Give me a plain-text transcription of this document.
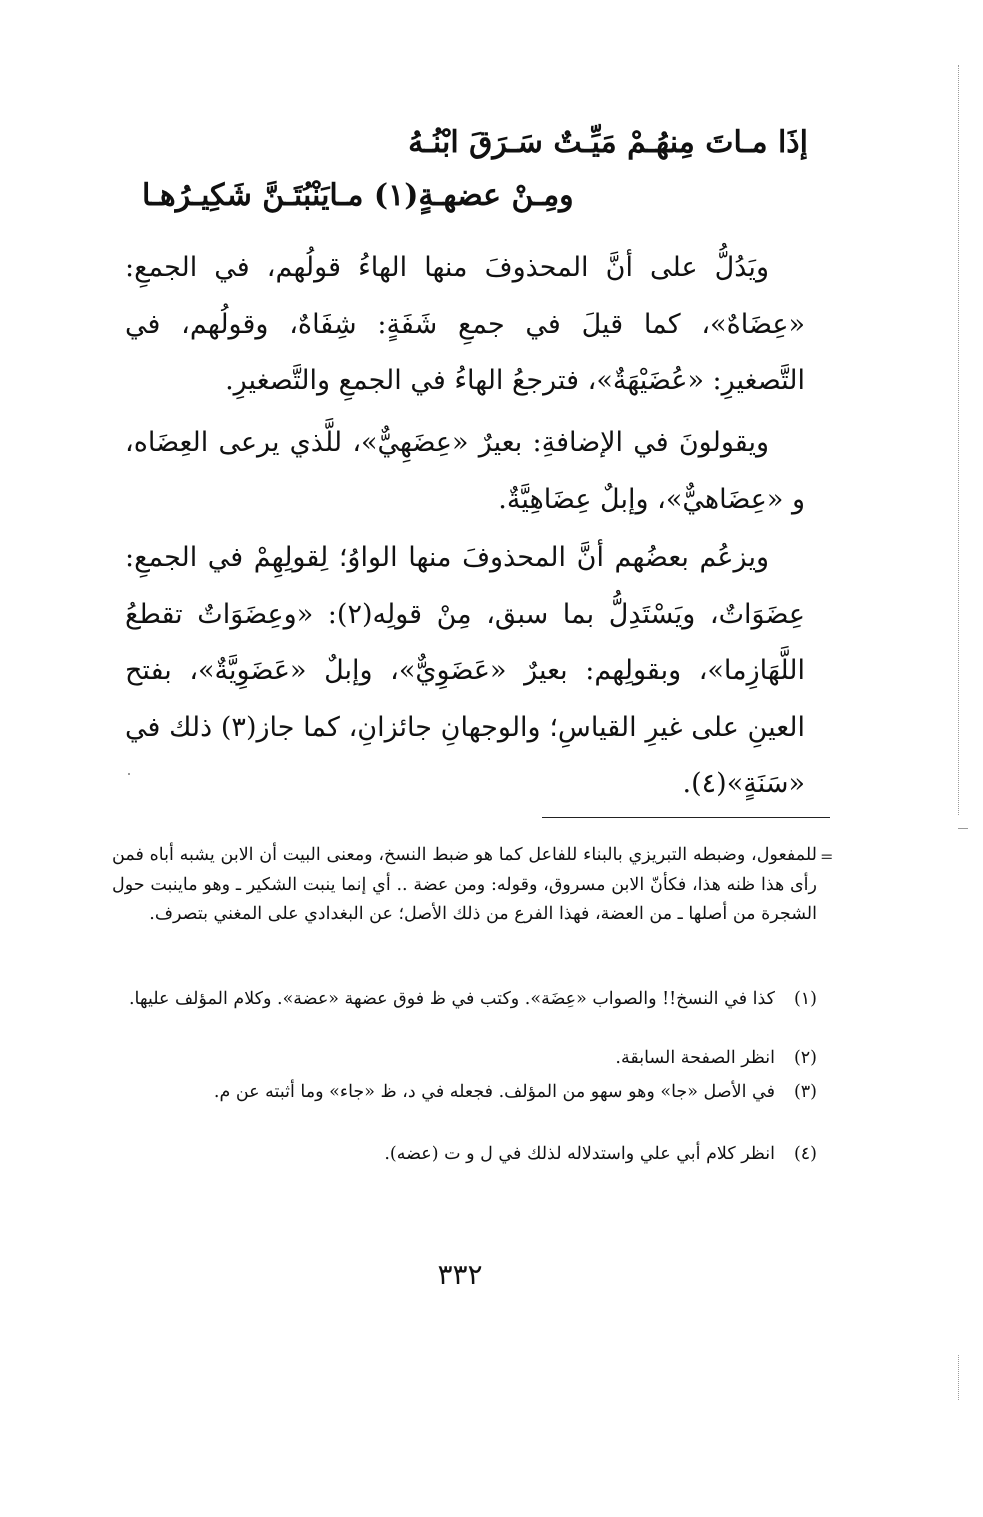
إذَا مـاتَ مِنهُـمْ مَيِّـتٌ سَـرَقَ ابْنُـهُ
ومِـنْ عضهـةٍ(١) مـايَنْبُتَـنَّ شَكِيـرُهـا

ويَدُلُّ على أنَّ المحذوفَ منها الهاءُ قولُهم، في الجمعِ: «عِضَاهٌ»، كما قيلَ في جمعِ شَفَةٍ: شِفَاهٌ، وقولُهم، في التَّصغيرِ: «عُضَيْهَةٌ»، فترجعُ الهاءُ في الجمعِ والتَّصغيرِ.

ويقولونَ في الإضافةِ: بعيرٌ «عِضَهِيٌّ»، للَّذي يرعى العِضَاه، و «عِضَاهيٌّ»، وإبلٌ عِضَاهِيَّةٌ.

ويزعُم بعضُهم أنَّ المحذوفَ منها الواوُ؛ لِقولِهِمْ في الجمعِ: عِضَوَاتٌ، ويَسْتَدِلُّ بما سبق، مِنْ قولِه(٢): «وعِضَوَاتٌ تقطعُ اللَّهَازِما»، وبقولِهم: بعيرٌ «عَضَوِيٌّ»، وإبلٌ «عَضَوِيَّةٌ»، بفتح العينِ على غيرِ القياسِ؛ والوجهانِ جائزانِ، كما جاز(٣) ذلك في «سَنَةٍ»(٤).

=
للمفعول، وضبطه التبريزي بالبناء للفاعل كما هو ضبط النسخ، ومعنى البيت أن الابن يشبه أباه فمن رأى هذا ظنه هذا، فكأنّ الابن مسروق، وقوله: ومن عضة .. أي إنما ينبت الشكير ـ وهو ماينبت حول الشجرة من أصلها ـ من العضة، فهذا الفرع من ذلك الأصل؛ عن البغدادي على المغني بتصرف.
(١)
كذا في النسخ!! والصواب «عِضَة». وكتب في ظ فوق عضهة «عضة». وكلام المؤلف عليها.
(٢)
انظر الصفحة السابقة.
(٣)
في الأصل «جا» وهو سهو من المؤلف. فجعله في د، ظ «جاء» وما أثبته عن م.
(٤)
انظر كلام أبي علي واستدلاله لذلك في ل و ت (عضه).
٣٣٢
